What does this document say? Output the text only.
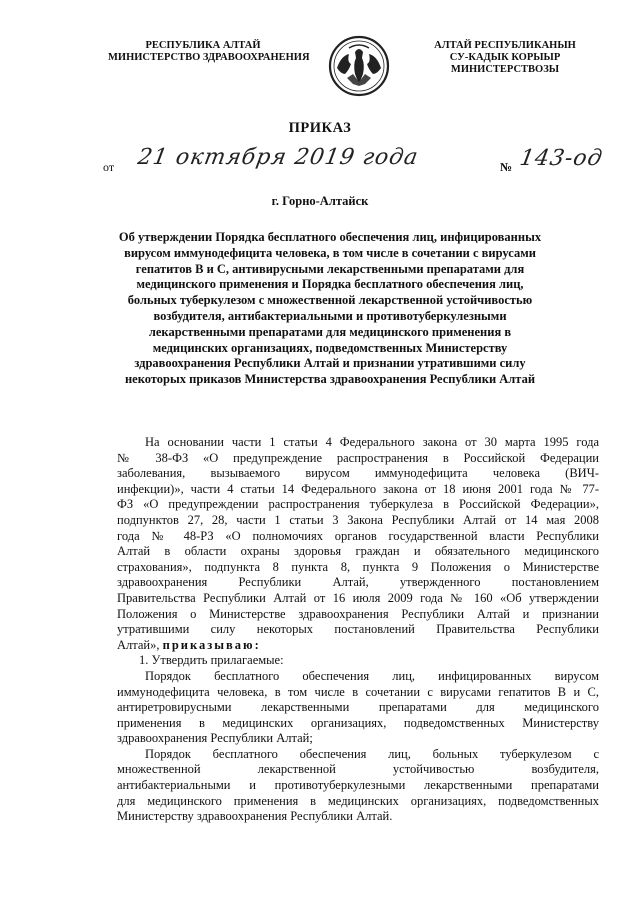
РЕСПУБЛИКА АЛТАЙ
МИНИСТЕРСТВО ЗДРАВООХРАНЕНИЯ
АЛТАЙ РЕСПУБЛИКАНЫН
СУ-КАДЫК КОРЫЫР
МИНИСТЕРСТВОЗЫ
ПРИКАЗ
от 21 октября 2019 года	№ 143-од
г. Горно-Алтайск
Об утверждении Порядка бесплатного обеспечения лиц, инфицированных
вирусом иммунодефицита человека, в том числе в сочетании с вирусами
гепатитов В и С, антивирусными лекарственными препаратами для
медицинского применения и Порядка бесплатного обеспечения лиц,
больных туберкулезом с множественной лекарственной устойчивостью
возбудителя, антибактериальными и противотуберкулезными
лекарственными препаратами для медицинского применения в
медицинских организациях, подведомственных Министерству
здравоохранения Республики Алтай и признании утратившими силу
некоторых приказов Министерства здравоохранения Республики Алтай
На основании части 1 статьи 4 Федерального закона от 30 марта 1995 года
№ 38-ФЗ «О предупреждение распространения в Российской Федерации
заболевания, вызываемого вирусом иммунодефицита человека (ВИЧ-
инфекции)», части 4 статьи 14 Федерального закона от 18 июня 2001 года № 77-
ФЗ «О предупреждении распространения туберкулеза в Российской Федерации»,
подпунктов 27, 28, части 1 статьи 3 Закона Республики Алтай от 14 мая 2008
года № 48-РЗ «О полномочиях органов государственной власти Республики
Алтай в области охраны здоровья граждан и обязательного медицинского
страхования», подпункта 8 пункта 8, пункта 9 Положения о Министерстве
здравоохранения Республики Алтай, утвержденного постановлением
Правительства Республики Алтай от 16 июля 2009 года № 160 «Об утверждении
Положения о Министерстве здравоохранения Республики Алтай и признании
утратившими силу некоторых постановлений Правительства Республики
Алтай», приказываю:
1. Утвердить прилагаемые:
Порядок бесплатного обеспечения лиц, инфицированных вирусом
иммунодефицита человека, в том числе в сочетании с вирусами гепатитов В и С,
антиретровирусными лекарственными препаратами для медицинского
применения в медицинских организациях, подведомственных Министерству
здравоохранения Республики Алтай;
Порядок бесплатного обеспечения лиц, больных туберкулезом с
множественной лекарственной устойчивостью возбудителя,
антибактериальными и противотуберкулезными лекарственными препаратами
для медицинского применения в медицинских организациях, подведомственных
Министерству здравоохранения Республики Алтай.
